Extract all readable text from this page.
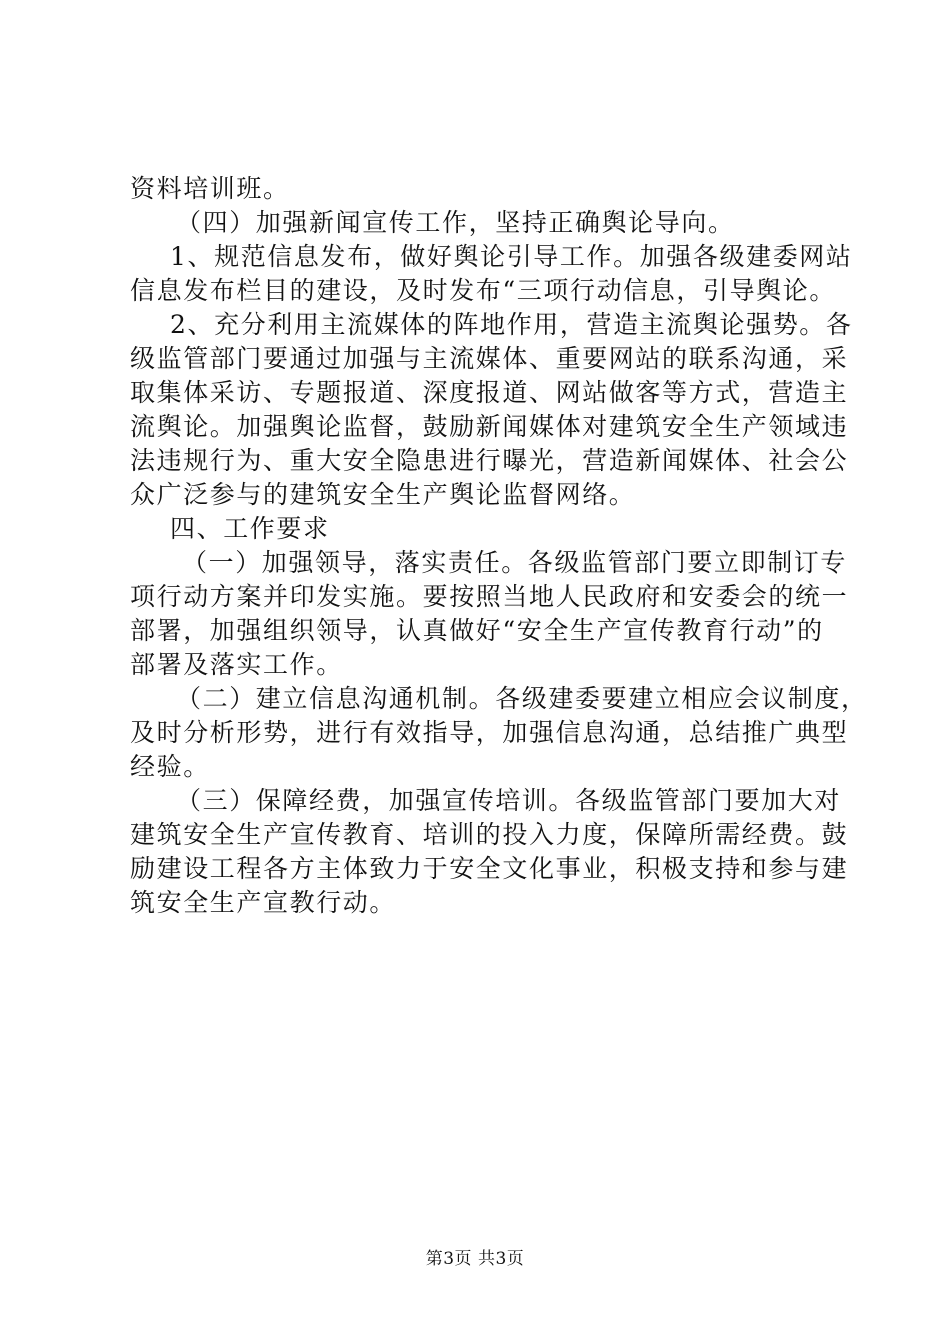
资料培训班。
（四）加强新闻宣传工作，坚持正确舆论导向。
1、规范信息发布，做好舆论引导工作。加强各级建委网站
信息发布栏目的建设，及时发布“三项行动信息，引导舆论。
2、充分利用主流媒体的阵地作用，营造主流舆论强势。各
级监管部门要通过加强与主流媒体、重要网站的联系沟通，采
取集体采访、专题报道、深度报道、网站做客等方式，营造主
流舆论。加强舆论监督，鼓励新闻媒体对建筑安全生产领域违
法违规行为、重大安全隐患进行曝光，营造新闻媒体、社会公
众广泛参与的建筑安全生产舆论监督网络。
四、工作要求
（一）加强领导，落实责任。各级监管部门要立即制订专
项行动方案并印发实施。要按照当地人民政府和安委会的统一
部署，加强组织领导，认真做好“安全生产宣传教育行动”的
部署及落实工作。
（二）建立信息沟通机制。各级建委要建立相应会议制度，
及时分析形势，进行有效指导，加强信息沟通，总结推广典型
经验。
（三）保障经费，加强宣传培训。各级监管部门要加大对
建筑安全生产宣传教育、培训的投入力度，保障所需经费。鼓
励建设工程各方主体致力于安全文化事业，积极支持和参与建
筑安全生产宣教行动。
第3页 共3页
